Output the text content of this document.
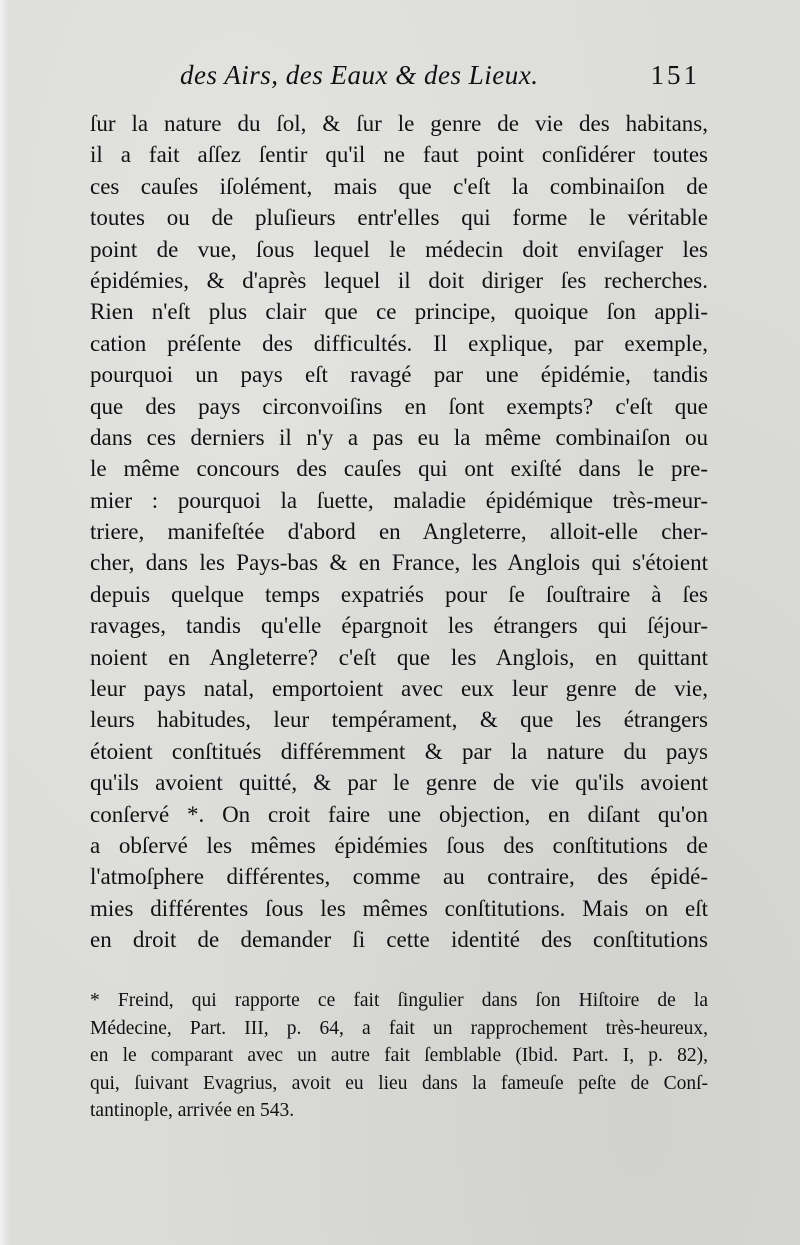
des Airs, des Eaux & des Lieux.	151
ſur la nature du ſol, & ſur le genre de vie des habitans,
il a fait aſſez ſentir qu'il ne faut point conſidérer toutes
ces cauſes iſolément, mais que c'eſt la combinaiſon de
toutes ou de pluſieurs entr'elles qui forme le véritable
point de vue, ſous lequel le médecin doit enviſager les
épidémies, & d'après lequel il doit diriger ſes recherches.
Rien n'eſt plus clair que ce principe, quoique ſon appli-
cation préſente des difficultés. Il explique, par exemple,
pourquoi un pays eſt ravagé par une épidémie, tandis
que des pays circonvoiſins en ſont exempts? c'eſt que
dans ces derniers il n'y a pas eu la même combinaiſon ou
le même concours des cauſes qui ont exiſté dans le pre-
mier : pourquoi la ſuette, maladie épidémique très-meur-
triere, manifeſtée d'abord en Angleterre, alloit-elle cher-
cher, dans les Pays-bas & en France, les Anglois qui s'étoient
depuis quelque temps expatriés pour ſe ſouſtraire à ſes
ravages, tandis qu'elle épargnoit les étrangers qui ſéjour-
noient en Angleterre? c'eſt que les Anglois, en quittant
leur pays natal, emportoient avec eux leur genre de vie,
leurs habitudes, leur tempérament, & que les étrangers
étoient conſtitués différemment & par la nature du pays
qu'ils avoient quitté, & par le genre de vie qu'ils avoient
conſervé *. On croit faire une objection, en diſant qu'on
a obſervé les mêmes épidémies ſous des conſtitutions de
l'atmoſphere différentes, comme au contraire, des épidé-
mies différentes ſous les mêmes conſtitutions. Mais on eſt
en droit de demander ſi cette identité des conſtitutions
* Freind, qui rapporte ce fait ſingulier dans ſon Hiſtoire de la
Médecine, Part. III, p. 64, a fait un rapprochement très-heureux,
en le comparant avec un autre fait ſemblable (Ibid. Part. I, p. 82),
qui, ſuivant Evagrius, avoit eu lieu dans la fameuſe peſte de Conſ-
tantinople, arrivée en 543.
